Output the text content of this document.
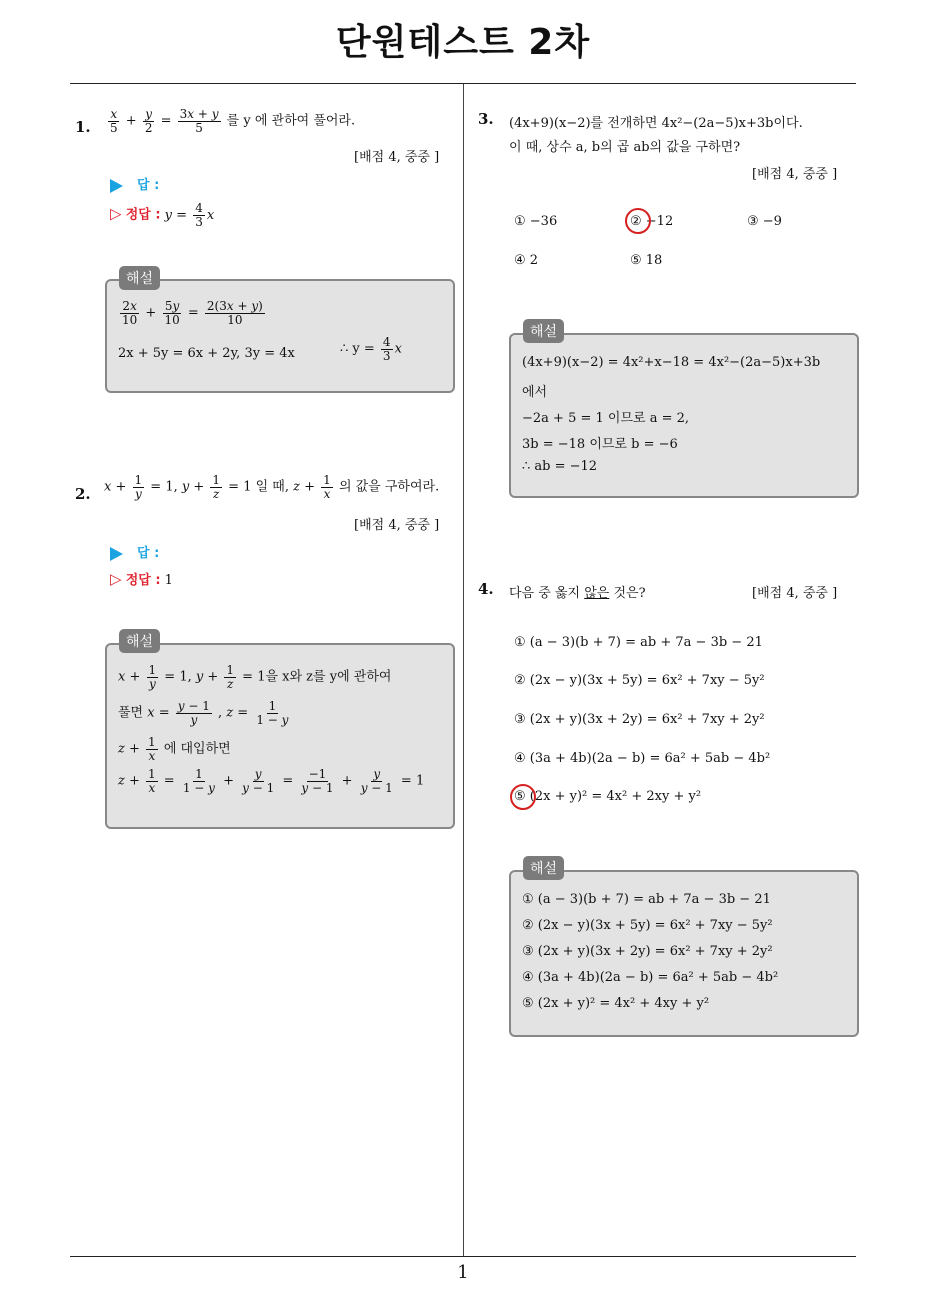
단원테스트 2차
1
1. $\frac{x}{5} + \frac{y}{2} = \frac{3x + y}{5}$ 를 y 에 관하여 풀어라.
[배점 4, 중중 ]
답 :
▷ 정답 : $y = \frac{4}{3}$ x
해설
$\frac{2x}{10} + \frac{5y}{10} = \frac{2(3x + y)}{10}$
2x + 5y = 6x + 2y, 3y = 4x	∴ $y = \frac{4}{3}$ x
2. $x + \frac{1}{y} = 1$, $y + \frac{1}{z} = 1$ 일 때, $z + \frac{1}{x}$ 의 값을 구하여라.
[배점 4, 중중 ]
답 :
▷ 정답 : 1
해설
$x + \frac{1}{y} = 1$, $y + \frac{1}{z} = 1$을 x와 z를 y에 관하여
풀면 $x = \frac{y - 1}{y}$ , $z = \frac{1}{1 - y}$
$z + \frac{1}{x}$ 에 대입하면
$z + \frac{1}{x} = \frac{1}{1 - y} + \frac{y}{y - 1} = \frac{-1}{y - 1} + \frac{y}{y - 1} = 1$
3. (4x+9)(x−2)를 전개하면 4x²−(2a−5)x+3b이다.
이 때, 상수 a, b의 곱 ab의 값을 구하면?
[배점 4, 중중 ]
① −36	② −12	③ −9
④ 2	⑤ 18
해설
(4x+9)(x−2) = 4x²+x−18 = 4x²−(2a−5)x+3b
에서
−2a + 5 = 1 이므로 a = 2,
3b = −18 이므로 b = −6
∴ ab = −12
4. 다음 중 옳지 않은 것은?	[배점 4, 중중 ]
① (a − 3)(b + 7) = ab + 7a − 3b − 21
② (2x − y)(3x + 5y) = 6x² + 7xy − 5y²
③ (2x + y)(3x + 2y) = 6x² + 7xy + 2y²
④ (3a + 4b)(2a − b) = 6a² + 5ab − 4b²
⑤ (2x + y)² = 4x² + 2xy + y²
해설
① (a − 3)(b + 7) = ab + 7a − 3b − 21
② (2x − y)(3x + 5y) = 6x² + 7xy − 5y²
③ (2x + y)(3x + 2y) = 6x² + 7xy + 2y²
④ (3a + 4b)(2a − b) = 6a² + 5ab − 4b²
⑤ (2x + y)² = 4x² + 4xy + y²
